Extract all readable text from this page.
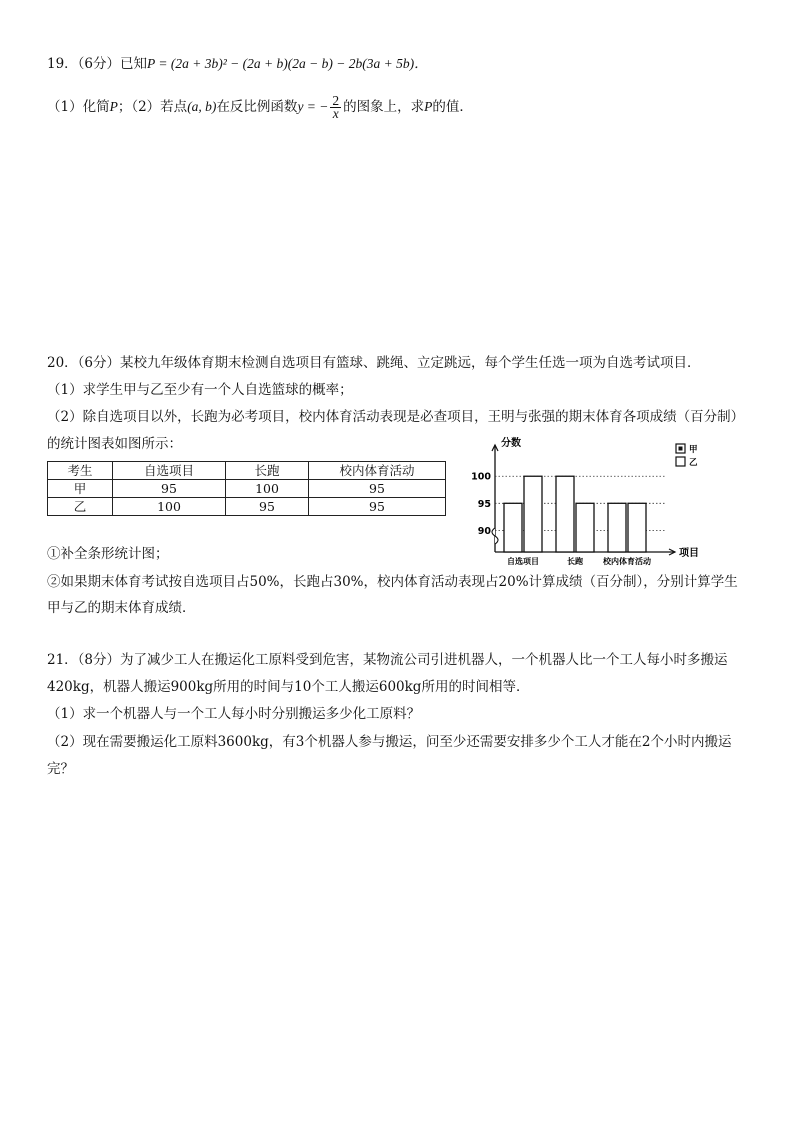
19．（6分）已知P = (2a + 3b)² − (2a + b)(2a − b) − 2b(3a + 5b)．
（1）化简P；（2）若点(a, b)在反比例函数y = − $\frac{2}{x}$ 的图象上，求P的值．
20．（6分）某校九年级体育期末检测自选项目有篮球、跳绳、立定跳远，每个学生任选一项为自选考试项目．
（1）求学生甲与乙至少有一个人自选篮球的概率；
（2）除自选项目以外，长跑为必考项目，校内体育活动表现是必查项目，王明与张强的期末体育各项成绩（百分制）
的统计图表如图所示：
考生	自选项目	长跑	校内体育活动
甲	95	100	95
乙	100	95	95
分数
项目
90
95
100
自选项目	长跑	校内体育活动
甲
乙
①补全条形统计图；
②如果期末体育考试按自选项目占50%，长跑占30%，校内体育活动表现占20%计算成绩（百分制），分别计算学生
甲与乙的期末体育成绩．
21．（8分）为了减少工人在搬运化工原料受到危害，某物流公司引进机器人，一个机器人比一个工人每小时多搬运
420kg，机器人搬运900kg所用的时间与10个工人搬运600kg所用的时间相等．
（1）求一个机器人与一个工人每小时分别搬运多少化工原料？
（2）现在需要搬运化工原料3600kg，有3个机器人参与搬运，问至少还需要安排多少个工人才能在2个小时内搬运
完？
